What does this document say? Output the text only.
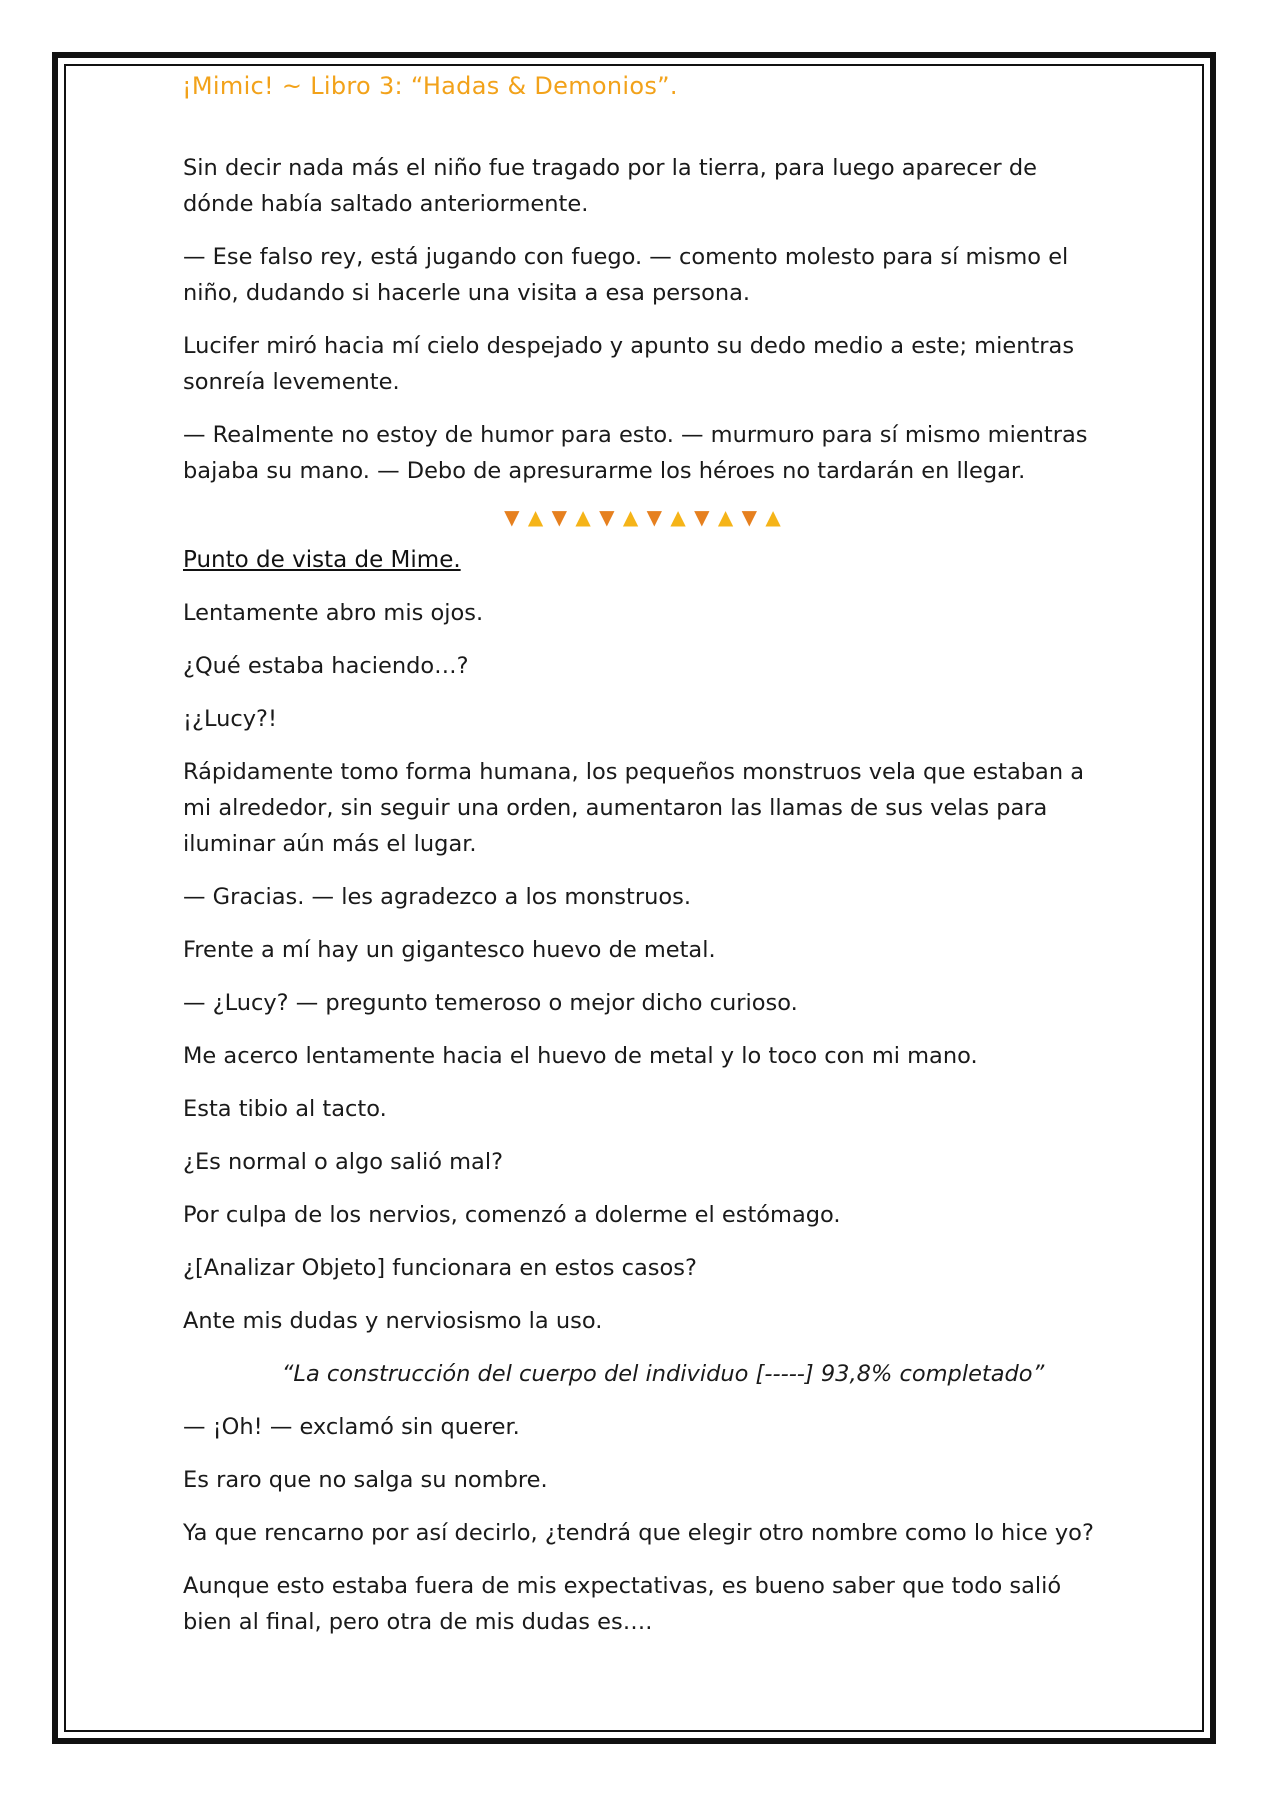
¡Mimic! ~ Libro 3: “Hadas & Demonios”.

Sin decir nada más el niño fue tragado por la tierra, para luego aparecer de dónde había saltado anteriormente.

— Ese falso rey, está jugando con fuego. — comento molesto para sí mismo el niño, dudando si hacerle una visita a esa persona.

Lucifer miró hacia mí cielo despejado y apunto su dedo medio a este; mientras sonreía levemente.

— Realmente no estoy de humor para esto. — murmuro para sí mismo mientras bajaba su mano. — Debo de apresurarme los héroes no tardarán en llegar.

▼ ▲ ▼ ▲ ▼ ▲ ▼ ▲ ▼ ▲ ▼ ▲
Punto de vista de Mime.

Lentamente abro mis ojos.

¿Qué estaba haciendo…?

¡¿Lucy?!

Rápidamente tomo forma humana, los pequeños monstruos vela que estaban a mi alrededor, sin seguir una orden, aumentaron las llamas de sus velas para iluminar aún más el lugar.

— Gracias. — les agradezco a los monstruos.

Frente a mí hay un gigantesco huevo de metal.

— ¿Lucy? — pregunto temeroso o mejor dicho curioso.

Me acerco lentamente hacia el huevo de metal y lo toco con mi mano.

Esta tibio al tacto.

¿Es normal o algo salió mal?

Por culpa de los nervios, comenzó a dolerme el estómago.

¿[Analizar Objeto] funcionara en estos casos?

Ante mis dudas y nerviosismo la uso.

“La construcción del cuerpo del individuo [-----] 93,8% completado”

— ¡Oh! — exclamó sin querer.

Es raro que no salga su nombre.

Ya que rencarno por así decirlo, ¿tendrá que elegir otro nombre como lo hice yo?

Aunque esto estaba fuera de mis expectativas, es bueno saber que todo salió bien al final, pero otra de mis dudas es….
